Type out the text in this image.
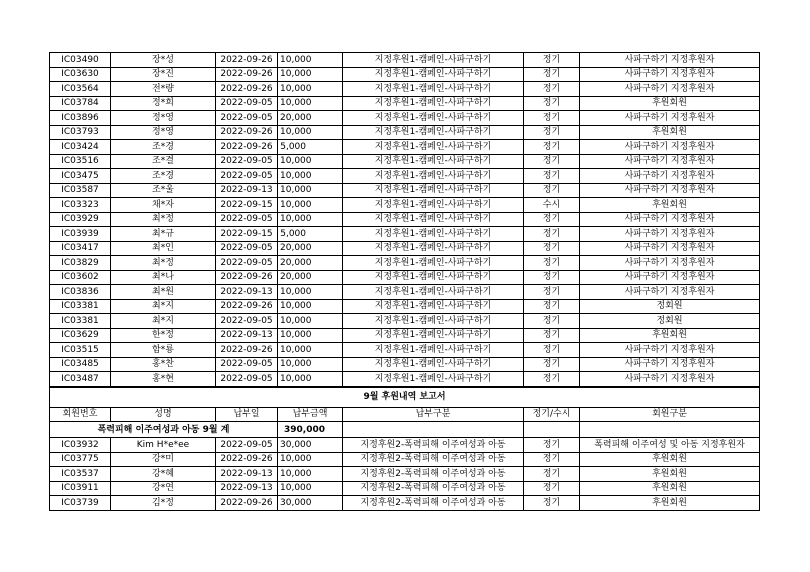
IC03490	장*성	2022-09-26	10,000	지정후원1-캠페인-사파구하기	정기	사파구하기 지정후원자
IC03630	장*진	2022-09-26	10,000	지정후원1-캠페인-사파구하기	정기	사파구하기 지정후원자
IC03564	전*량	2022-09-26	10,000	지정후원1-캠페인-사파구하기	정기	사파구하기 지정후원자
IC03784	정*희	2022-09-05	10,000	지정후원1-캠페인-사파구하기	정기	후원회원
IC03896	정*영	2022-09-05	20,000	지정후원1-캠페인-사파구하기	정기	사파구하기 지정후원자
IC03793	정*영	2022-09-26	10,000	지정후원1-캠페인-사파구하기	정기	후원회원
IC03424	조*경	2022-09-26	5,000	지정후원1-캠페인-사파구하기	정기	사파구하기 지정후원자
IC03516	조*결	2022-09-05	10,000	지정후원1-캠페인-사파구하기	정기	사파구하기 지정후원자
IC03475	조*경	2022-09-05	10,000	지정후원1-캠페인-사파구하기	정기	사파구하기 지정후원자
IC03587	조*울	2022-09-13	10,000	지정후원1-캠페인-사파구하기	정기	사파구하기 지정후원자
IC03323	채*자	2022-09-15	10,000	지정후원1-캠페인-사파구하기	수시	후원회원
IC03929	최*정	2022-09-05	10,000	지정후원1-캠페인-사파구하기	정기	사파구하기 지정후원자
IC03939	최*규	2022-09-15	5,000	지정후원1-캠페인-사파구하기	정기	사파구하기 지정후원자
IC03417	최*인	2022-09-05	20,000	지정후원1-캠페인-사파구하기	정기	사파구하기 지정후원자
IC03829	최*정	2022-09-05	20,000	지정후원1-캠페인-사파구하기	정기	사파구하기 지정후원자
IC03602	최*나	2022-09-26	20,000	지정후원1-캠페인-사파구하기	정기	사파구하기 지정후원자
IC03836	최*원	2022-09-13	10,000	지정후원1-캠페인-사파구하기	정기	사파구하기 지정후원자
IC03381	최*지	2022-09-26	10,000	지정후원1-캠페인-사파구하기	정기	정회원
IC03381	최*지	2022-09-05	10,000	지정후원1-캠페인-사파구하기	정기	정회원
IC03629	한*정	2022-09-13	10,000	지정후원1-캠페인-사파구하기	정기	후원회원
IC03515	함*룡	2022-09-26	10,000	지정후원1-캠페인-사파구하기	정기	사파구하기 지정후원자
IC03485	홍*찬	2022-09-05	10,000	지정후원1-캠페인-사파구하기	정기	사파구하기 지정후원자
IC03487	홍*현	2022-09-05	10,000	지정후원1-캠페인-사파구하기	정기	사파구하기 지정후원자
9월 후원내역 보고서						
회원번호	성명	납부일	납부금액	납부구분	정기/수시	회원구분
폭력피해 이주여성과 아동 9월 계			390,000			
IC03932	Kim H*e*ee	2022-09-05	30,000	지정후원2-폭력피해 이주여성과 아동	정기	폭력피해 이주여성 및 아동 지정후원자
IC03775	강*미	2022-09-26	10,000	지정후원2-폭력피해 이주여성과 아동	정기	후원회원
IC03537	강*혜	2022-09-13	10,000	지정후원2-폭력피해 이주여성과 아동	정기	후원회원
IC03911	강*연	2022-09-13	10,000	지정후원2-폭력피해 이주여성과 아동	정기	후원회원
IC03739	김*정	2022-09-26	30,000	지정후원2-폭력피해 이주여성과 아동	정기	후원회원
